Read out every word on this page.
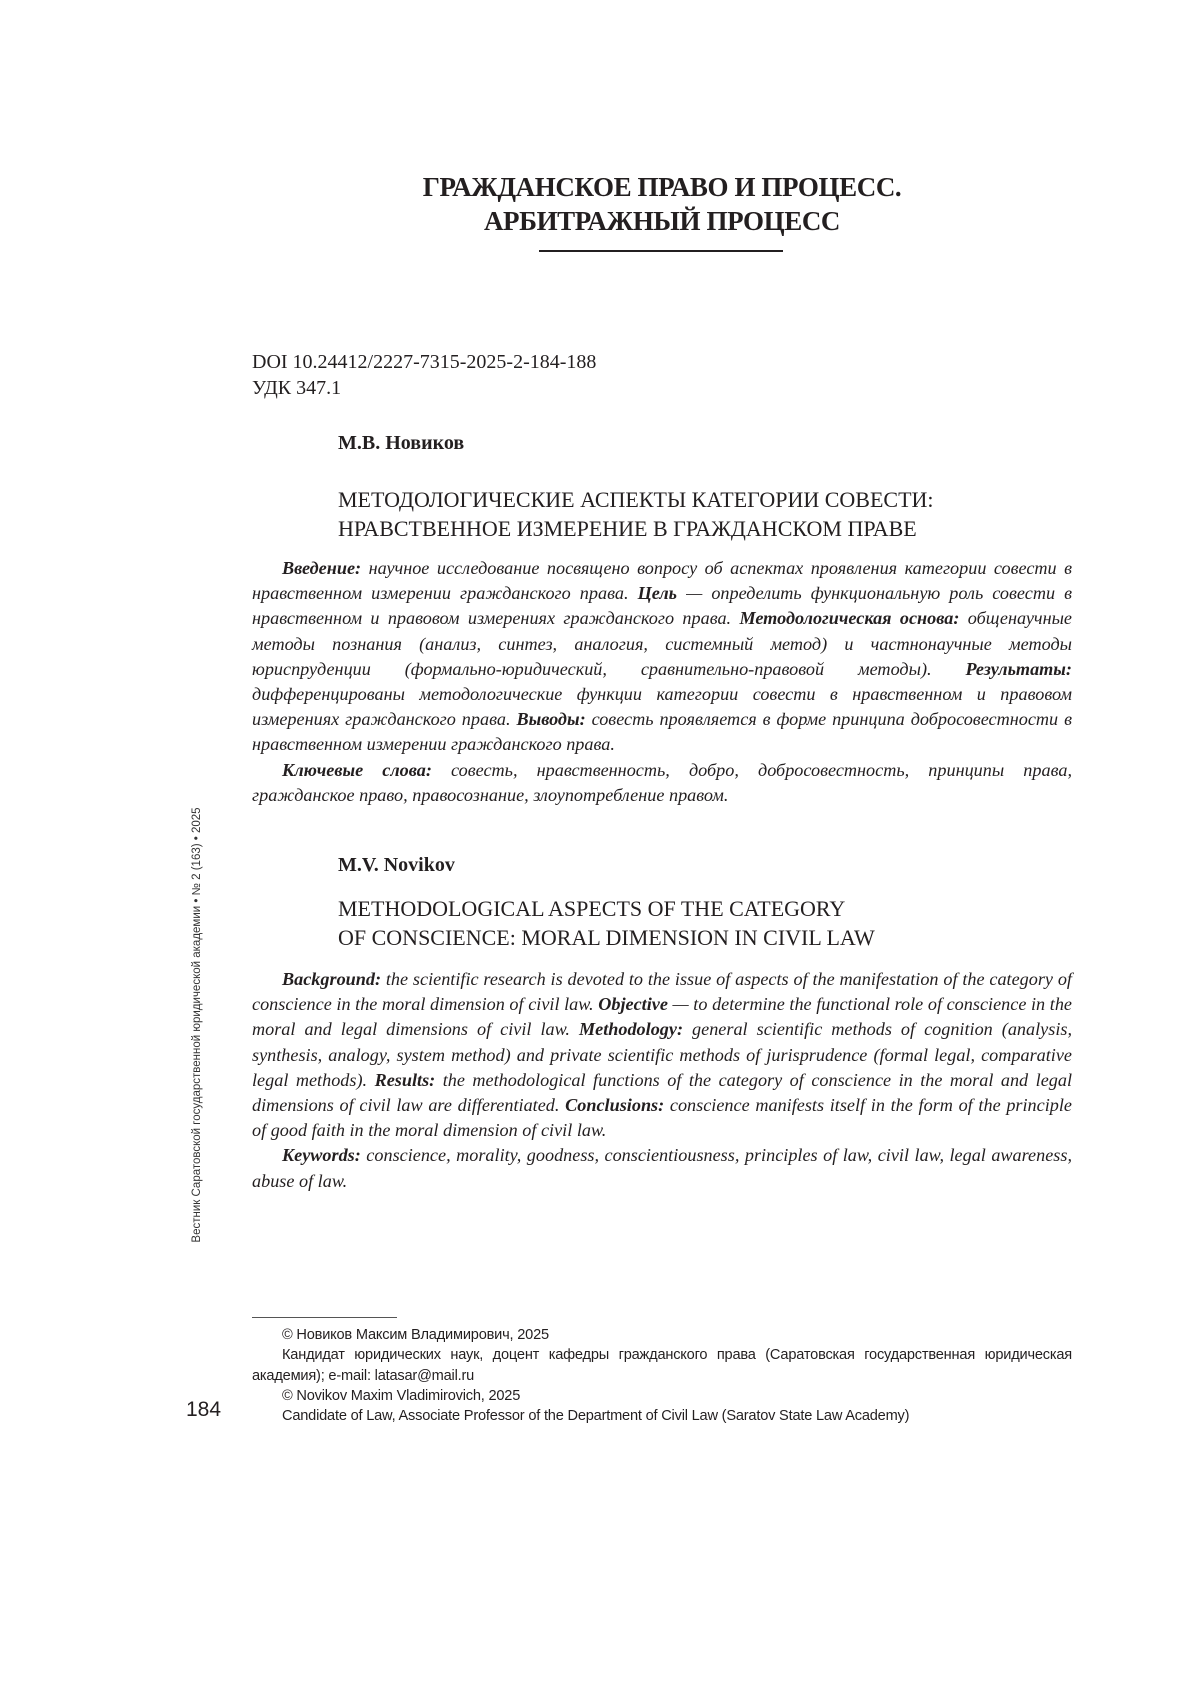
Вестник Саратовской государственной юридической академии • № 2 (163) • 2025
ГРАЖДАНСКОЕ ПРАВО И ПРОЦЕСС.
АРБИТРАЖНЫЙ ПРОЦЕСС
DOI 10.24412/2227-7315-2025-2-184-188
УДК 347.1
М.В. Новиков
МЕТОДОЛОГИЧЕСКИЕ АСПЕКТЫ КАТЕГОРИИ СОВЕСТИ:
НРАВСТВЕННОЕ ИЗМЕРЕНИЕ В ГРАЖДАНСКОМ ПРАВЕ

Введение: научное исследование посвящено вопросу об аспектах проявления категории совести в нравственном измерении гражданского права. Цель — определить функциональную роль совести в нравственном и правовом измерениях гражданского права. Методологическая основа: общенаучные методы познания (анализ, синтез, аналогия, системный метод) и частнонаучные методы юриспруденции (формально-юридический, сравнительно-правовой методы). Результаты: дифференцированы методологические функции категории совести в нравственном и правовом измерениях гражданского права. Выводы: совесть проявляется в форме принципа добросовестности в нравственном измерении гражданского права.

Ключевые слова: совесть, нравственность, добро, добросовестность, принципы права, гражданское право, правосознание, злоупотребление правом.

M.V. Novikov
METHODOLOGICAL ASPECTS OF THE CATEGORY
OF CONSCIENCE: MORAL DIMENSION IN CIVIL LAW

Background: the scientific research is devoted to the issue of aspects of the manifestation of the category of conscience in the moral dimension of civil law. Objective — to determine the functional role of conscience in the moral and legal dimensions of civil law. Methodology: general scientific methods of cognition (analysis, synthesis, analogy, system method) and private scientific methods of jurisprudence (formal legal, comparative legal methods). Results: the methodological functions of the category of conscience in the moral and legal dimensions of civil law are differentiated. Conclusions: conscience manifests itself in the form of the principle of good faith in the moral dimension of civil law.

Keywords: conscience, morality, goodness, conscientiousness, principles of law, civil law, legal awareness, abuse of law.

© Новиков Максим Владимирович, 2025

Кандидат юридических наук, доцент кафедры гражданского права (Саратовская государственная юридическая академия); e-mail: latasar@mail.ru

© Novikov Maxim Vladimirovich, 2025

Candidate of Law, Associate Professor of the Department of Civil Law (Saratov State Law Academy)

184
